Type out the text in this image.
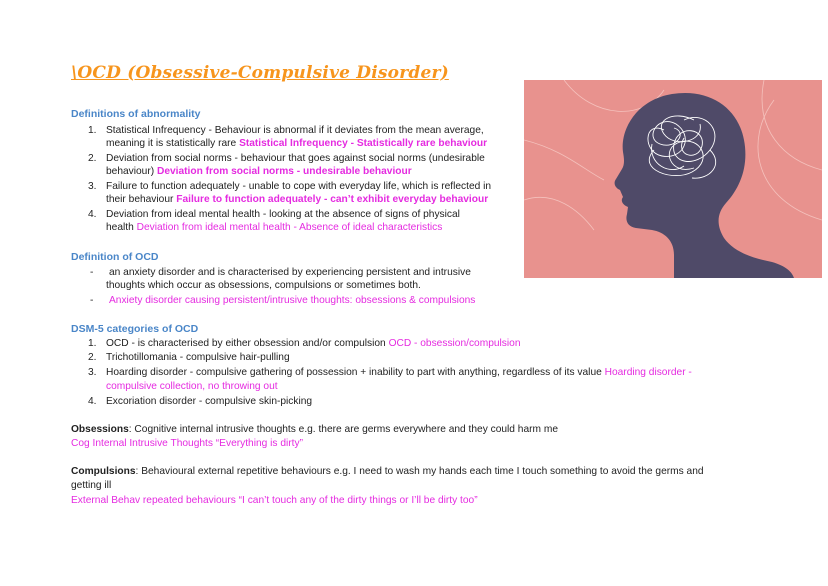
\OCD (Obsessive-Compulsive Disorder)
Definitions of abnormality
1. Statistical Infrequency - Behaviour is abnormal if it deviates from the mean average,
meaning it is statistically rare Statistical Infrequency - Statistically rare behaviour
2. Deviation from social norms - behaviour that goes against social norms (undesirable
behaviour) Deviation from social norms - undesirable behaviour
3. Failure to function adequately - unable to cope with everyday life, which is reflected in
their behaviour Failure to function adequately - can’t exhibit everyday behaviour
4. Deviation from ideal mental health - looking at the absence of signs of physical
health Deviation from ideal mental health - Absence of ideal characteristics
Definition of OCD
- an anxiety disorder and is characterised by experiencing persistent and intrusive
thoughts which occur as obsessions, compulsions or sometimes both.
- Anxiety disorder causing persistent/intrusive thoughts: obsessions & compulsions
DSM-5 categories of OCD
1. OCD - is characterised by either obsession and/or compulsion OCD - obsession/compulsion
2. Trichotillomania - compulsive hair-pulling
3. Hoarding disorder - compulsive gathering of possession + inability to part with anything, regardless of its value Hoarding disorder -
compulsive collection, no throwing out
4. Excoriation disorder - compulsive skin-picking
Obsessions: Cognitive internal intrusive thoughts e.g. there are germs everywhere and they could harm me
Cog Internal Intrusive Thoughts “Everything is dirty”
Compulsions: Behavioural external repetitive behaviours e.g. I need to wash my hands each time I touch something to avoid the germs and
getting ill
External Behav repeated behaviours “I can’t touch any of the dirty things or I’ll be dirty too”
